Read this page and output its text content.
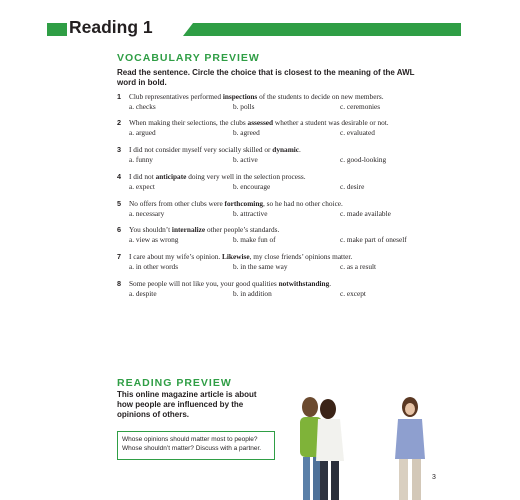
Reading 1
VOCABULARY PREVIEW
Read the sentence. Circle the choice that is closest to the meaning of the AWL word in bold.
1 Club representatives performed inspections of the students to decide on new members.
a. checks	b. polls	c. ceremonies
2 When making their selections, the clubs assessed whether a student was desirable or not.
a. argued	b. agreed	c. evaluated
3 I did not consider myself very socially skilled or dynamic.
a. funny	b. active	c. good-looking
4 I did not anticipate doing very well in the selection process.
a. expect	b. encourage	c. desire
5 No offers from other clubs were forthcoming, so he had no other choice.
a. necessary	b. attractive	c. made available
6 You shouldn’t internalize other people’s standards.
a. view as wrong	b. make fun of	c. make part of oneself
7 I care about my wife’s opinion. Likewise, my close friends’ opinions matter.
a. in other words	b. in the same way	c. as a result
8 Some people will not like you, your good qualities notwithstanding.
a. despite	b. in addition	c. except
READING PREVIEW
This online magazine article is about how people are influenced by the opinions of others.
Whose opinions should matter most to people? Whose shouldn’t matter? Discuss with a partner.
3
